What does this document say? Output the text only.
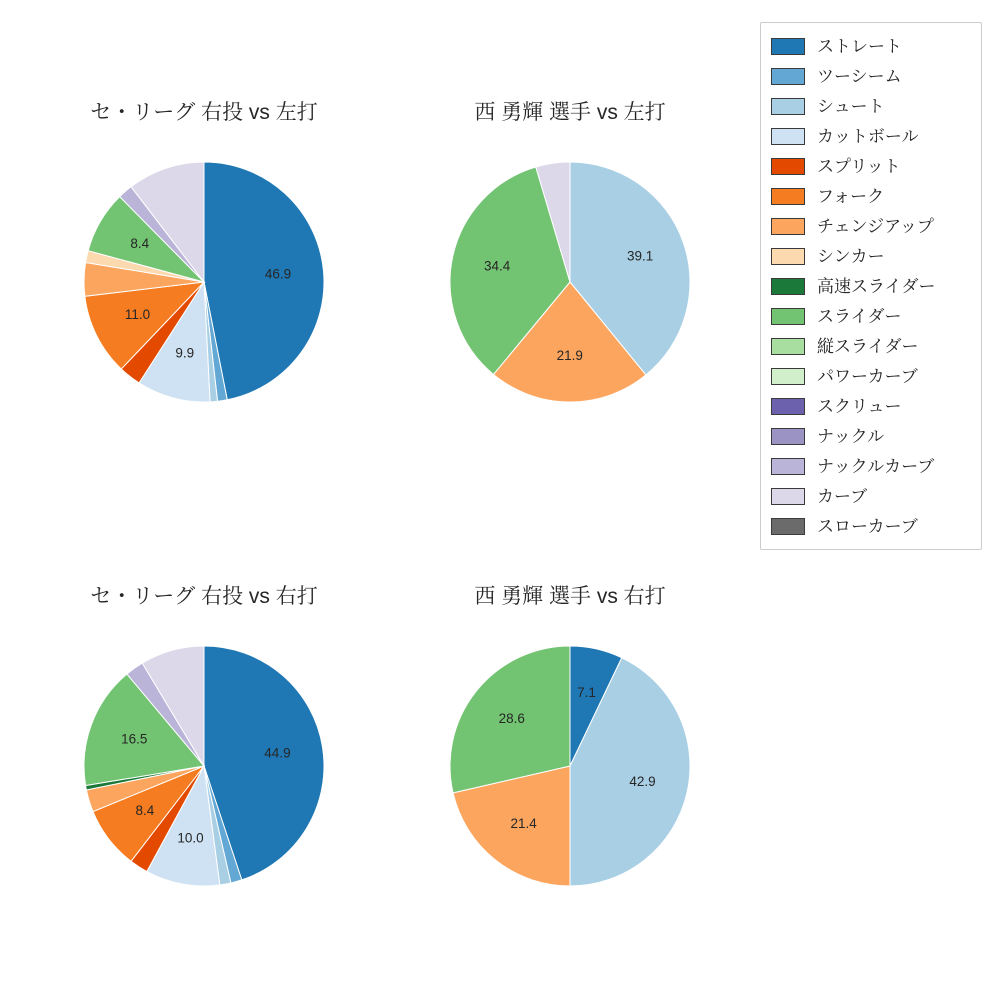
セ・リーグ 右投 vs 左打
46.9
9.9
11.0
8.4
西 勇輝 選手 vs 左打
39.1
21.9
34.4
セ・リーグ 右投 vs 右打
44.9
10.0
8.4
16.5
西 勇輝 選手 vs 右打
7.1
42.9
21.4
28.6
ストレート
ツーシーム
シュート
カットボール
スプリット
フォーク
チェンジアップ
シンカー
高速スライダー
スライダー
縦スライダー
パワーカーブ
スクリュー
ナックル
ナックルカーブ
カーブ
スローカーブ
